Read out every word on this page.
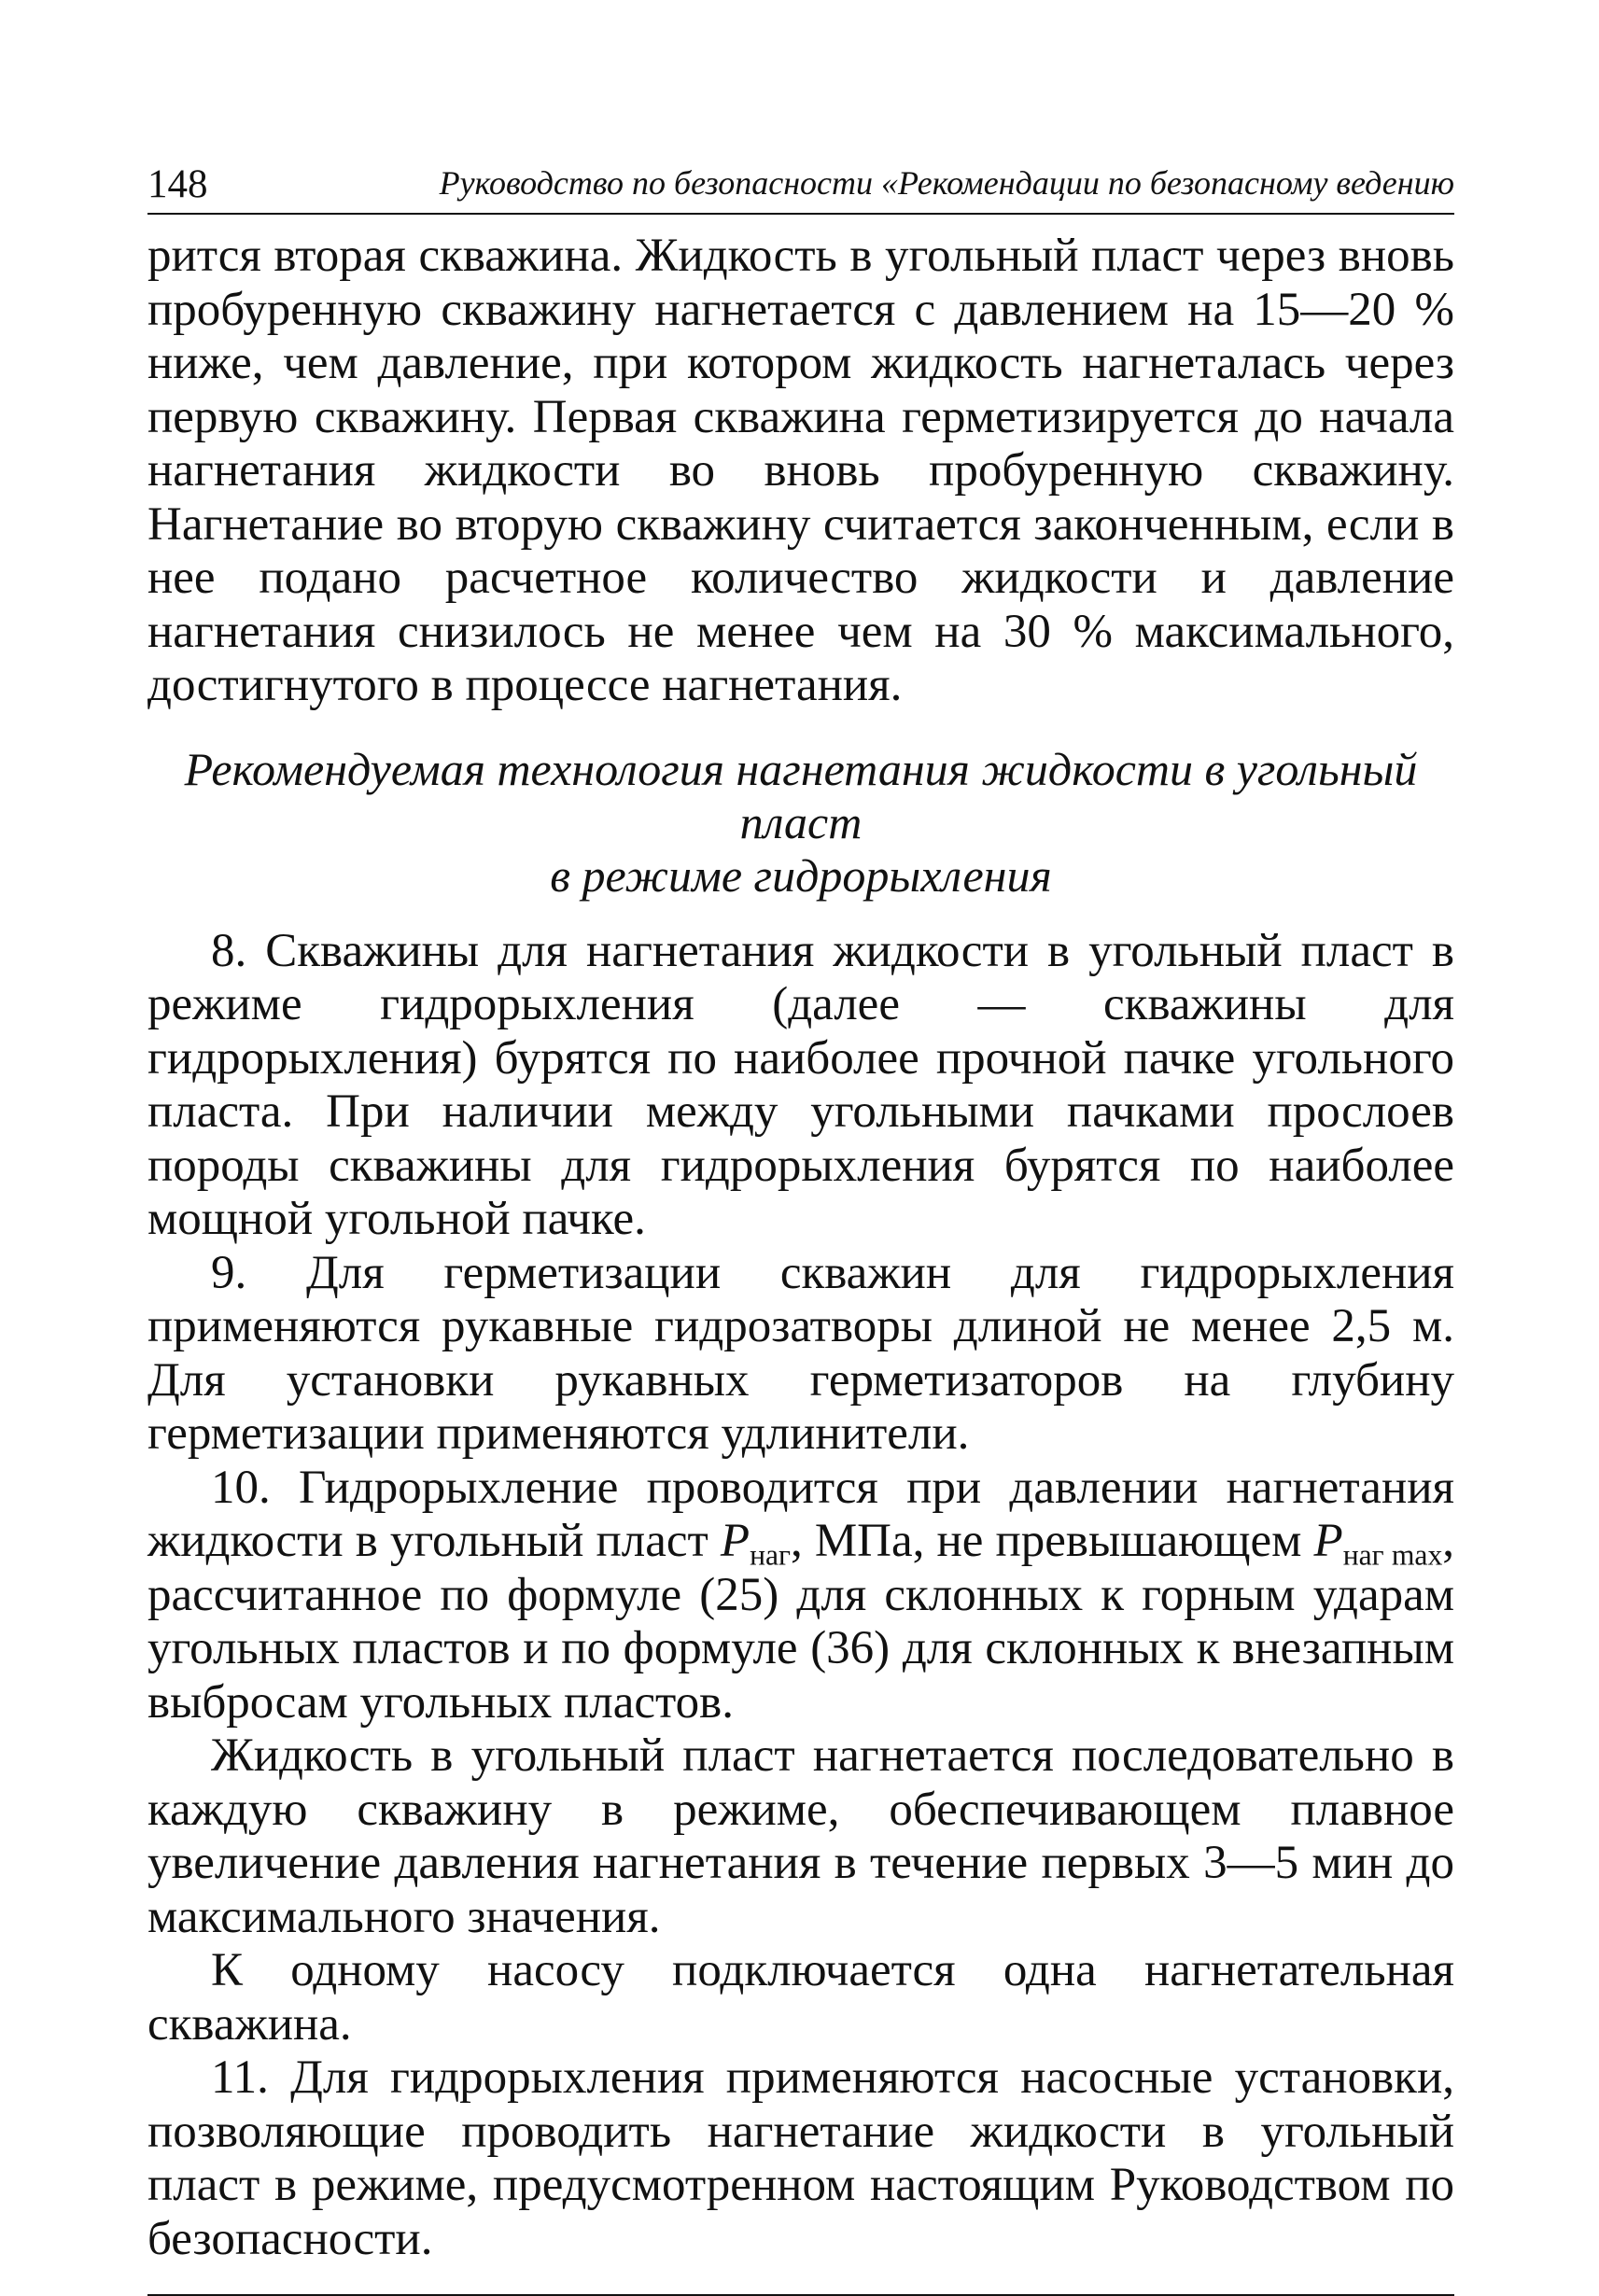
148	Руководство по безопасности «Рекомендации по безопасному ведению

рится вторая скважина. Жидкость в угольный пласт через вновь пробуренную скважину нагнетается с давлением на 15—20 % ниже, чем давление, при котором жидкость нагнеталась через первую скважину. Первая скважина герметизируется до начала нагнетания жидкости во вновь пробуренную скважину. Нагнетание во вторую скважину считается законченным, если в нее подано расчетное количество жидкости и давление нагнетания снизилось не менее чем на 30 % максимального, достигнутого в процессе нагнетания.

Рекомендуемая технология нагнетания жидкости в угольный пласт
в режиме гидрорыхления

8. Скважины для нагнетания жидкости в угольный пласт в режиме гидрорыхления (далее — скважины для гидрорыхления) бурятся по наиболее прочной пачке угольного пласта. При наличии между угольными пачками прослоев породы скважины для гидрорыхления бурятся по наиболее мощной угольной пачке.

9. Для герметизации скважин для гидрорыхления применяются рукавные гидрозатворы длиной не менее 2,5 м. Для установки рукавных герметизаторов на глубину герметизации применяются удлинители.

10. Гидрорыхление проводится при давлении нагнетания жидкости в угольный пласт $P_{наг}$, МПа, не превышающем $P_{наг max}$, рассчитанное по формуле (25) для склонных к горным ударам угольных пластов и по формуле (36) для склонных к внезапным выбросам угольных пластов.

Жидкость в угольный пласт нагнетается последовательно в каждую скважину в режиме, обеспечивающем плавное увеличение давления нагнетания в течение первых 3—5 мин до максимального значения.

К одному насосу подключается одна нагнетательная скважина.

11. Для гидрорыхления применяются насосные установки, позволяющие проводить нагнетание жидкости в угольный пласт в режиме, предусмотренном настоящим Руководством по безопасности.
